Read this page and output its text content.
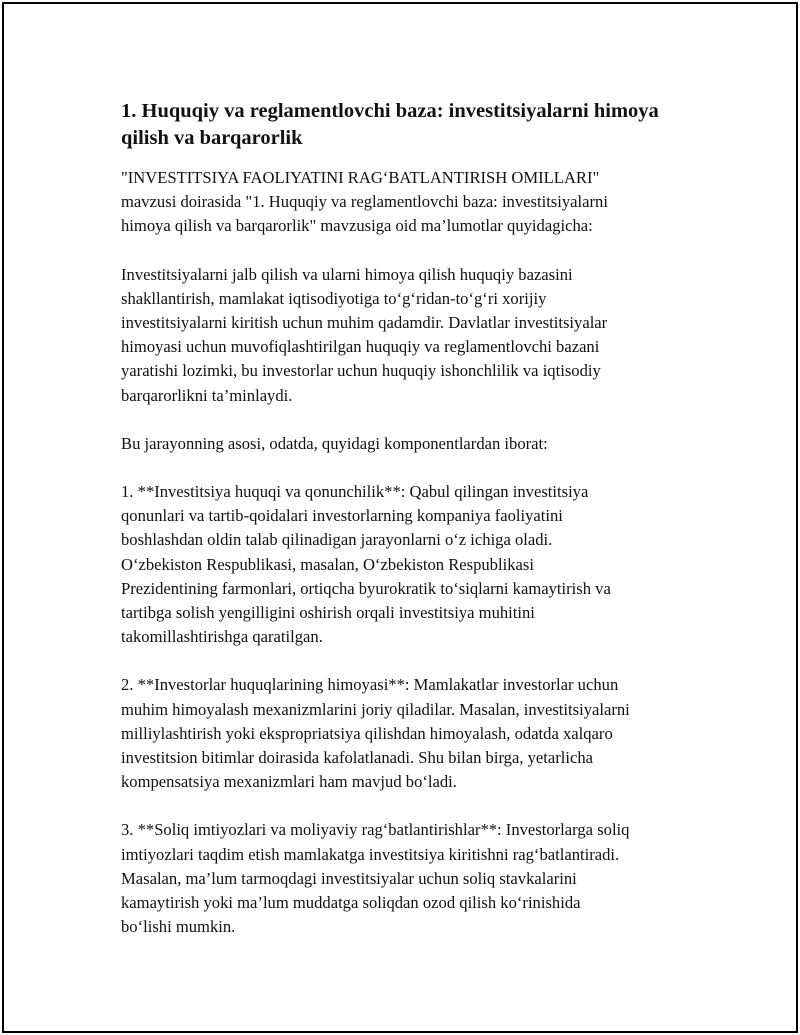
1. Huquqiy va reglamentlovchi baza: investitsiyalarni himoya qilish va barqarorlik

"INVESTITSIYA FAOLIYATINI RAG‘BATLANTIRISH OMILLARI"
mavzusi doirasida "1. Huquqiy va reglamentlovchi baza: investitsiyalarni
himoya qilish va barqarorlik" mavzusiga oid ma’lumotlar quyidagicha:

Investitsiyalarni jalb qilish va ularni himoya qilish huquqiy bazasini
shakllantirish, mamlakat iqtisodiyotiga to‘g‘ridan-to‘g‘ri xorijiy
investitsiyalarni kiritish uchun muhim qadamdir. Davlatlar investitsiyalar
himoyasi uchun muvofiqlashtirilgan huquqiy va reglamentlovchi bazani
yaratishi lozimki, bu investorlar uchun huquqiy ishonchlilik va iqtisodiy
barqarorlikni ta’minlaydi.

Bu jarayonning asosi, odatda, quyidagi komponentlardan iborat:

1. **Investitsiya huquqi va qonunchilik**: Qabul qilingan investitsiya
qonunlari va tartib-qoidalari investorlarning kompaniya faoliyatini
boshlashdan oldin talab qilinadigan jarayonlarni o‘z ichiga oladi.
O‘zbekiston Respublikasi, masalan, O‘zbekiston Respublikasi
Prezidentining farmonlari, ortiqcha byurokratik to‘siqlarni kamaytirish va
tartibga solish yengilligini oshirish orqali investitsiya muhitini
takomillashtirishga qaratilgan.

2. **Investorlar huquqlarining himoyasi**: Mamlakatlar investorlar uchun
muhim himoyalash mexanizmlarini joriy qiladilar. Masalan, investitsiyalarni
milliylashtirish yoki ekspropriatsiya qilishdan himoyalash, odatda xalqaro
investitsion bitimlar doirasida kafolatlanadi. Shu bilan birga, yetarlicha
kompensatsiya mexanizmlari ham mavjud bo‘ladi.

3. **Soliq imtiyozlari va moliyaviy rag‘batlantirishlar**: Investorlarga soliq
imtiyozlari taqdim etish mamlakatga investitsiya kiritishni rag‘batlantiradi.
Masalan, ma’lum tarmoqdagi investitsiyalar uchun soliq stavkalarini
kamaytirish yoki ma’lum muddatga soliqdan ozod qilish ko‘rinishida
bo‘lishi mumkin.
